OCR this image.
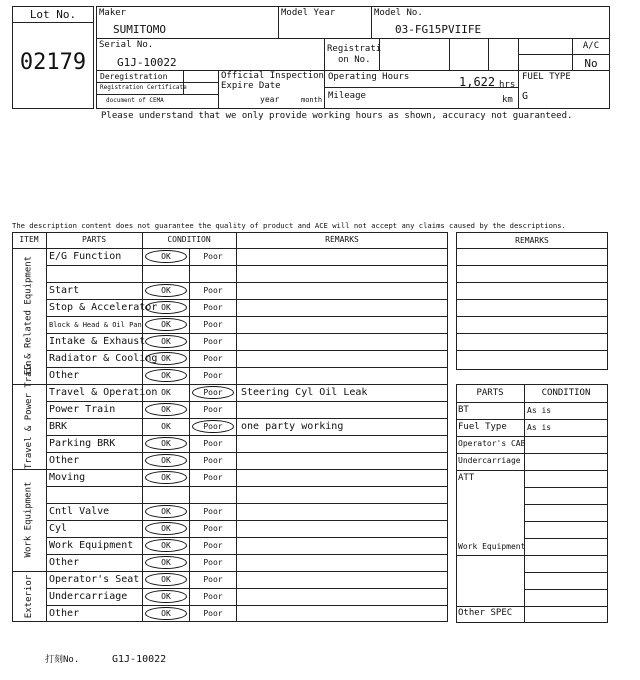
Lot No.
02179
Maker
SUMITOMO
Model Year	Model No.
03-FG15PVIIFE
Serial No.
G1J-10022
Registrati
on No.
A/C
No
Deregistration
Registration Certificate
document of CEMA
Official Inspection
Expire Date
year	month
Operating Hours	1,622 hrs
Mileage	km
FUEL TYPE
G
Please understand that we only provide working hours as shown, accuracy not guaranteed.
The description content does not guarantee the quality of product and ACE will not accept any claims caused by the descriptions.
ITEM	PARTS	CONDITION	REMARKS
E/G Function	OK	Poor
Start	OK	Poor
Stop & Accelerator OK	Poor
Block & Head & Oil Pan	OK	Poor
Intake & Exhaust	OK	Poor
Radiator & Cooling OK	Poor
Other	OK	Poor
EG & Related Equipment
Travel & Operation OK	Poor	Steering Cyl Oil Leak
Power Train	OK	Poor
BRK	OK	Poor	one party working
Parking BRK	OK	Poor
Other	OK	Poor
Travel & Power Train
Moving	OK	Poor
Cntl Valve	OK	Poor
Cyl	OK	Poor
Work Equipment	OK	Poor
Other	OK	Poor
Work Equipment
Operator's Seat	OK	Poor
Undercarriage	OK	Poor
Other	OK	Poor
Exterior
REMARKS
PARTS	CONDITION
BT	As is
Fuel Type	As is
Operator's CAB
Undercarriage
ATT
Work Equipment
Other SPEC
打刻No.	G1J-10022
